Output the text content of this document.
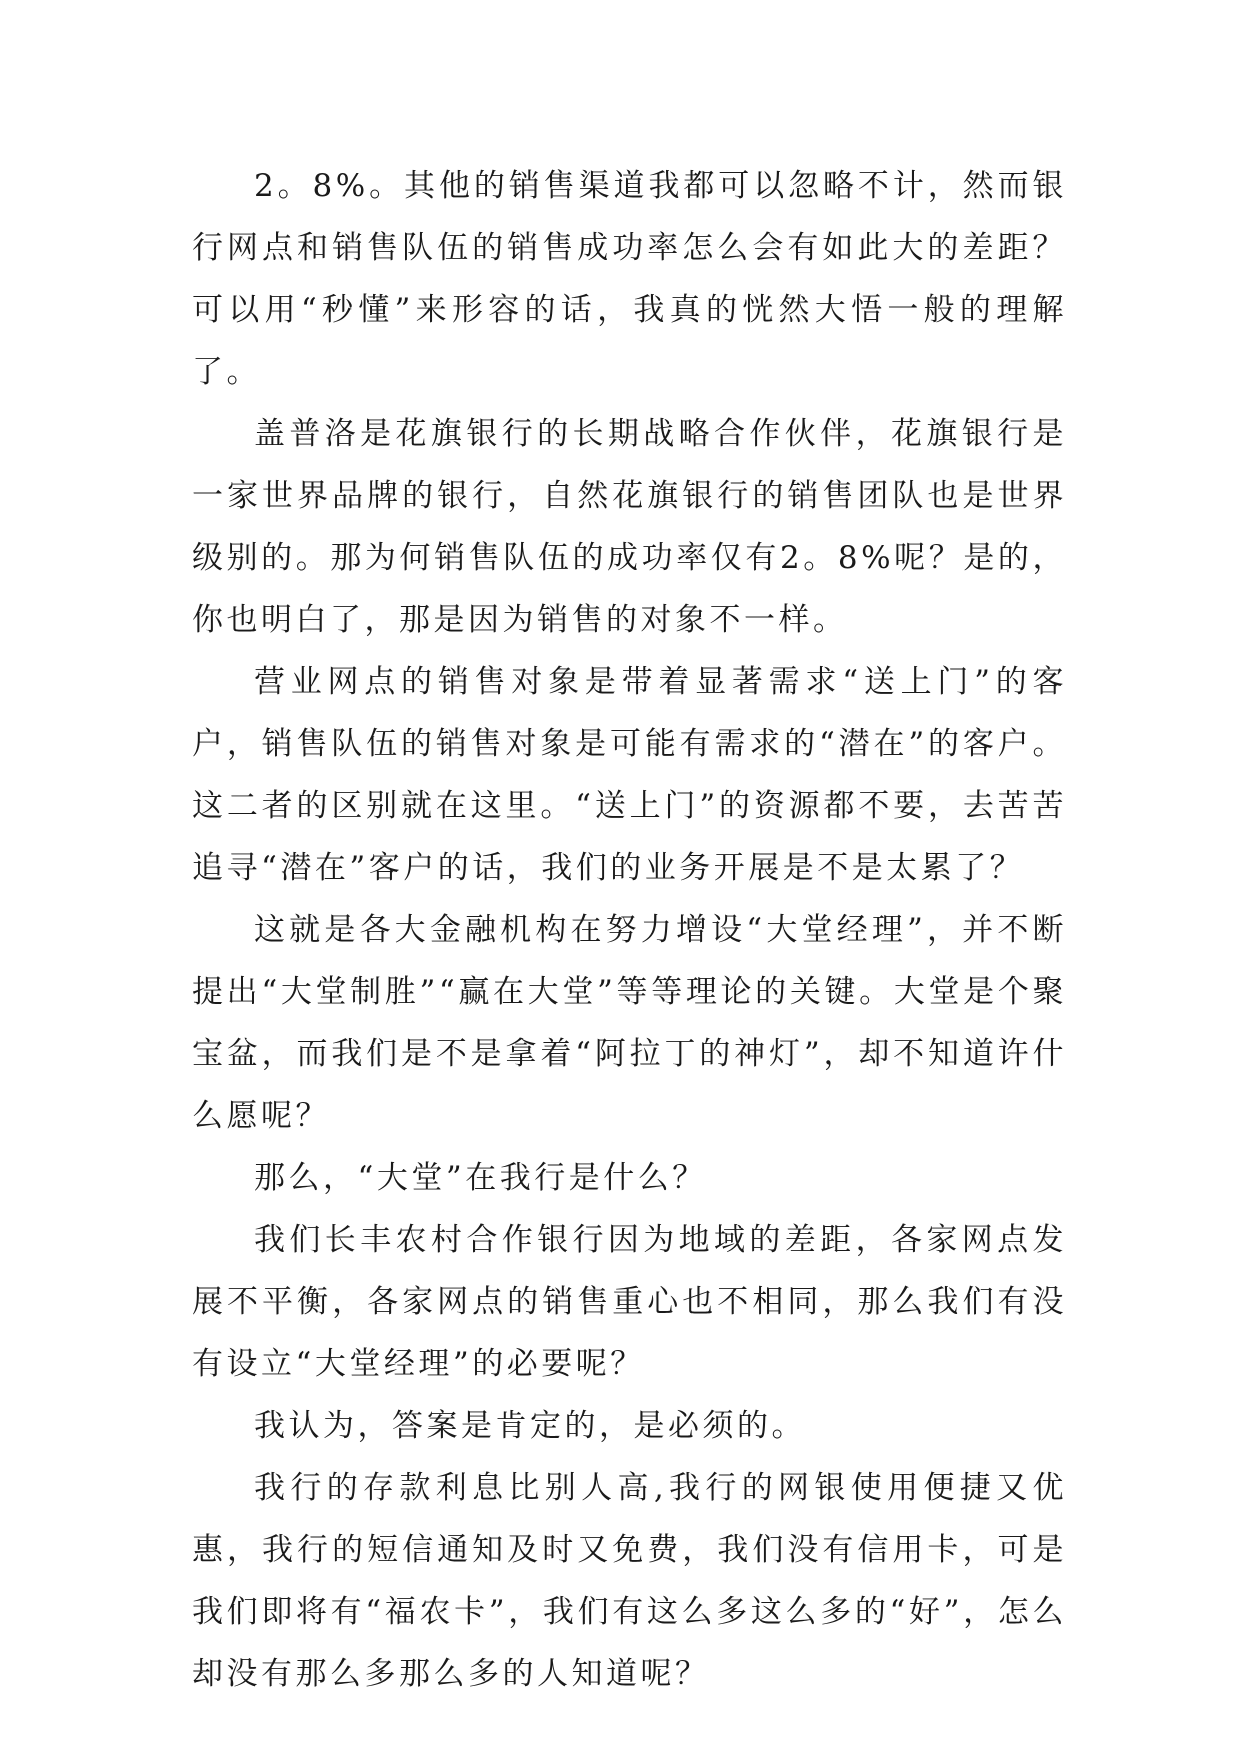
2。8%。其他的销售渠道我都可以忽略不计，然而银行网点和销售队伍的销售成功率怎么会有如此大的差距？可以用“秒懂”来形容的话，我真的恍然大悟一般的理解了。

盖普洛是花旗银行的长期战略合作伙伴，花旗银行是一家世界品牌的银行，自然花旗银行的销售团队也是世界级别的。那为何销售队伍的成功率仅有2。8%呢？是的，你也明白了，那是因为销售的对象不一样。

营业网点的销售对象是带着显著需求“送上门”的客户，销售队伍的销售对象是可能有需求的“潜在”的客户。这二者的区别就在这里。“送上门”的资源都不要，去苦苦追寻“潜在”客户的话，我们的业务开展是不是太累了？

这就是各大金融机构在努力增设“大堂经理”，并不断提出“大堂制胜”“赢在大堂”等等理论的关键。大堂是个聚宝盆，而我们是不是拿着“阿拉丁的神灯”，却不知道许什么愿呢？

那么，“大堂”在我行是什么？

我们长丰农村合作银行因为地域的差距，各家网点发展不平衡，各家网点的销售重心也不相同，那么我们有没有设立“大堂经理”的必要呢？

我认为，答案是肯定的，是必须的。

我行的存款利息比别人高,我行的网银使用便捷又优惠，我行的短信通知及时又免费，我们没有信用卡，可是我们即将有“福农卡”，我们有这么多这么多的“好”，怎么却没有那么多那么多的人知道呢？
